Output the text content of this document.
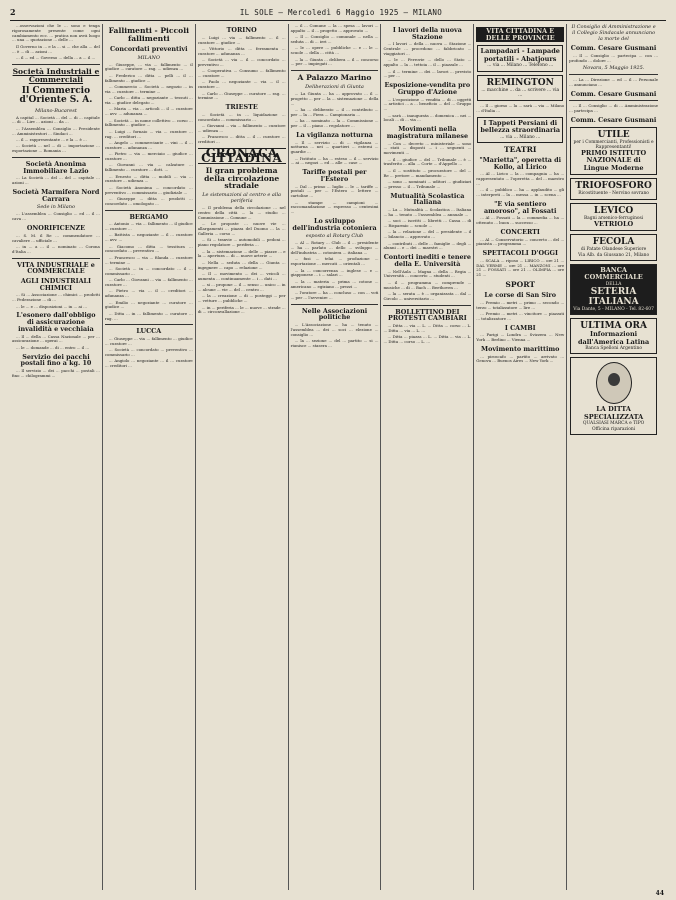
2	IL SOLE — Mercoledì 6 Maggio 1925 — MILANO

...osservazioni che le ... sono e tenga rigorosamente presente come ogni cambiamento ecc. ... pratica non avrà luogo ... una ... quotazione ... delle ...

Il Governo in ... e la ... si ... che alla ... del ... è ... di ... azioni ...

... il ... ed ... Governo ... della ... a ... il ...

Società Industriali e Commerciali
Il Commercio d'Oriente S. A.
Milano-Bucarest

A capital ... Società ... del ... di ... capitale ... di ... Lire ... azioni ... da ...

... l'Assemblea ... Consiglio ... Presidente ... Amministratori ... Sindaci ...

... il ... rappresentante ... e la ... è ...

... Società ... nel ... di ... importazione ... esportazione ... Romania ...

Società Anonima Immobiliare Lazio

... La Società ... del ... del ... capitale ... azioni ...

Società Marmifera Nord Carrara
Sede in Milano

... L'assemblea ... Consiglio ... ed ... il ... cava ...

ONORIFICENZE

... S. M. il Re ... commendatore ... cavaliere ... ufficiale ...

... in ... a ... il ... nominato ... Corona d'Italia ...

VITA INDUSTRIALE e COMMERCIALE
AGLI INDUSTRIALI CHIMICI

... Si ... Associazione ... chimici ... prodotti ... Federazione ... di ...

... le ... e ... disposizioni ... in ... ai ...

L'esonero dall'obbligo di assicurazione invalidità e vecchiaia

... Il ... della ... Cassa Nazionale ... per ... assicurazione ... operai ...

... le ... domande ... di ... entro ... il ...

Servizio dei pacchi postali fino a kg. 10

... Il servizio ... dei ... pacchi ... postali ... fino ... chilogrammi ...

Fallimenti - Piccoli fallimenti
Concordati preventivi
MILANO

... Giuseppe, ... via ... fallimento ... il giudice ... curatore ... rag. ... udienza ...

... Frederico ... ditta ... pelli ... il ... fallimento ... giudice ...

... Commercio ... Società ... negozio ... in via ... curatore ... termine ...

... Carlo ... ditta ... negoziante ... tessuti ... via ... giudice delegato ...

... Maria ... via ... articoli ... il ... curatore ... avv. ... adunanza ...

... Società ... in nome collettivo ... corso ... fallimento ... giudice ...

... Luigi ... fornaio ... via ... curatore ... rag. ... creditori ...

... Angelo ... commerciante ... vini ... il ... curatore ... adunanza ...

... Pietro ... via ... merciaio ... giudice ... curatore ...

... Giovanni ... via ... calzature ... fallimento ... curatore ... dott. ...

... Ernesto ... ditta ... mobili ... via ... curatore ... udienza ...

... Società Anonima ... concordato ... preventivo ... commissario ... giudiziale ...

... Giuseppe ... ditta ... prodotti ... concordato ... omologato ...

BERGAMO

... Antonio ... via ... fallimento ... il giudice ... curatore ...

... Battista ... negoziante ... il ... curatore ... avv. ...

... Giacomo ... ditta ... tessitura ... concordato ... preventivo ...

... Francesco ... via ... filanda ... curatore ... termine ...

... Società ... in ... concordato ... il ... commissario ...

... Carlo ... Giovanni ... via ... fallimento ... curatore ...

... Pietro ... via ... il ... creditori ... adunanza ...

... Emilio ... negoziante ... curatore ... giudice ...

... Ditta ... in ... fallimento ... curatore ... rag. ...

LUCCA

... Giuseppe ... via ... fallimento ... giudice ... curatore ...

... Società ... concordato ... preventivo ... commissario ...

... Angiolo ... negoziante ... il ... curatore ... creditori ...

TORINO

... Luigi ... via ... fallimento ... il ... curatore ... giudice ...

... Vittorio ... ditta ... ferramenta ... curatore ... adunanza ...

... Società ... via ... il ... concordato ... preventivo ...

... Cooperativa ... Consumo ... fallimento ... curatore ...

... Paolo ... negoziante ... via ... il ... curatore ...

... Carlo ... Giuseppe ... curatore ... rag. ... termine ...

TRIESTE

... Società ... in ... liquidazione ... concordato ... commissario ...

... Giovanni ... via ... fallimento ... curatore ... udienza ...

... Francesco ... ditta ... il ... curatore ... creditori ...

CRONACA CITTADINA
Il gran problema della circolazione stradale
Le sistemazioni al centro e alla periferia

... Il problema della circolazione ... nel centro della città ... la ... studio ... Commissione ... Comune ...

... Le proposte ... nuove vie ... allargamenti ... piazza del Duomo ... la ... Galleria ... corso ...

... Si ... tranvie ... automobili ... pedoni ... piano regolatore ... periferia ...

... la ... sistemazione ... delle ... piazze ... e la ... apertura ... di ... nuove arterie ...

... Nella ... seduta ... della ... Giunta ... ingegnere ... capo ... relazione ...

... Il ... movimento ... dei ... veicoli ... aumenta ... continuamente ... i ... dati ...

... si ... propone ... il ... senso ... unico ... in ... alcune ... vie ... del ... centro ...

... la ... creazione ... di ... posteggi ... per ... vetture ... pubbliche ...

... in ... periferia ... le ... nuove ... strade ... di ... circonvallazione ...

... il ... Comune ... la ... spesa ... lavori ... appalto ... il ... progetto ... approvato ...

... Il ... Consiglio ... comunale ... nella ... seduta ... di ... ieri ...

... le ... opere ... pubbliche ... e ... le ... scuole ... della ... città ...

... la ... Giunta ... delibera ... il ... concorso ... per ... impiegati ...

A Palazzo Marino
Deliberazioni di Giunta

... La Giunta ... ha ... approvato ... il ... progetto ... per ... la ... sistemazione ... della ...

... ha ... deliberato ... il ... contributo ... per ... la ... Fiera ... Campionaria ...

... ha ... nominato ... la ... Commissione ... per ... il ... piano ... regolatore ...

La vigilanza notturna

... Il ... servizio ... di ... vigilanza ... notturna ... nei ... quartieri ... esterni ... guardie ...

... l'istituto ... ha ... esteso ... il ... servizio ... ai ... negozi ... ed ... alle ... case ...

Tariffe postali per l'Estero

... Dal ... primo ... luglio ... le ... tariffe ... postali ... per ... l'Estero ... lettere ... cartoline ...

... stampe ... campioni ... raccomandazione ... espresso ... centesimi ...

Lo sviluppo dell'industria cotoniera
esposto al Rotary Club

... Al ... Rotary ... Club ... il ... presidente ... ha ... parlato ... dello ... sviluppo ... dell'industria ... cotoniera ... italiana ...

... fusi ... telai ... produzione ... esportazione ... mercati ... orientali ...

... la ... concorrenza ... inglese ... e ... giapponese ... i ... salari ...

... la ... materia ... prima ... cotone ... americano ... egiziano ... prezzi ...

... l'oratore ... ha ... concluso ... con ... voti ... per ... l'avvenire ...

Nelle Associazioni politiche

... L'Associazione ... ha ... tenuto ... l'assemblea ... dei ... soci ... elezione ... consiglio ...

... la ... sezione ... del ... partito ... si ... riunisce ... stasera ...

I lavori della nuova Stazione

... I lavori ... della ... nuova ... Stazione ... Centrale ... procedono ... fabbricato ... viaggiatori ...

... le ... Ferrovie ... dello ... Stato ... appalto ... la ... tettoia ... il ... piazzale ...

... il ... termine ... dei ... lavori ... previsto ... per ...

Esposizione-vendita pro Gruppo d'Azione

... L'esposizione ... vendita ... di ... oggetti ... artistici ... a ... beneficio ... del ... Gruppo ...

... sarà ... inaugurata ... domenica ... nei ... locali ... di ... via ...

Movimenti nella magistratura milanese

... Con ... decreto ... ministeriale ... sono ... stati ... disposti ... i ... seguenti ... movimenti ...

... il ... giudice ... del ... Tribunale ... è ... trasferito ... alla ... Corte ... d'Appello ...

... il ... sostituto ... procuratore ... del ... Re ... pretore ... mandamento ...

... sono ... nominati ... uditori ... giudiziari ... presso ... il ... Tribunale ...

Mutualità Scolastica Italiana

... La ... Mutualità ... Scolastica ... Italiana ... ha ... tenuto ... l'assemblea ... annuale ...

... soci ... iscritti ... libretti ... Cassa ... di ... Risparmio ... scuole ...

... la ... relazione ... del ... presidente ... il ... bilancio ... approvato ...

... contributi ... delle ... famiglie ... degli ... alunni ... e ... dei ... maestri ...

Contorti inediti e tenere della E. Università

... Nell'Aula ... Magna ... della ... Regia ... Università ... concerto ... studenti ...

... il ... programma ... comprende ... musiche ... di ... Bach ... Beethoven ...

... la ... serata ... è ... organizzata ... dal ... Circolo ... universitario ...

BOLLETTINO DEI PROTESTI CAMBIARI

... Ditta ... via ... L. ... Ditta ... corso ... L. ... Ditta ... via ... L. ...

... Ditta ... piazza ... L. ... Ditta ... via ... L. ... Ditta ... corso ... L. ...

VITA CITTADINA E DELLE PROVINCIE
Lampadari - Lampade portatili - Abatjours
... via ... Milano ... Telefono ...
REMINGTON
... macchine ... da ... scrivere ... via ...

... Il ... giorno ... la ... sarà ... via ... Milano ... d'Italia ...

I Tappeti Persiani di bellezza straordinaria
... via ... Milano ...
TEATRI
"Marietta", operetta di Kollo, al Lirico

... Al ... Lirico ... la ... compagnia ... ha ... rappresentato ... l'operetta ... del ... maestro ...

... il ... pubblico ... ha ... applaudito ... gli ... interpreti ... la ... messa ... in ... scena ...

"E via sentiero amoroso", al Fossati

... Al ... Fossati ... la ... commedia ... ha ... ottenuto ... buon ... successo ...

CONCERTI

... Al ... Conservatorio ... concerto ... del ... pianista ... programma ...

SPETTACOLI D'OGGI

... SCALA ... riposo ... LIRICO ... ore 21 ... DAL VERME ... ore 21 ... MANZONI ... ore 21 ... FOSSATI ... ore 21 ... OLIMPIA ... ore 21 ...

SPORT
Le corse di San Siro

... Premio ... metri ... primo ... secondo ... terzo ... totalizzatore ... lire ...

... Premio ... metri ... vincitore ... piazzati ... totalizzatore ...

I CAMBI

... Parigi ... Londra ... Svizzera ... New York ... Berlino ... Vienna ...

Movimento marittimo

... piroscafo ... partito ... arrivato ... Genova ... Buenos Aires ... New York ...

Il Consiglio di Amministrazione e il Collegio Sindacale annunciano la morte del
Comm. Cesare Gusmani

... Il ... Consiglio ... partecipa ... con ... profondo ... dolore ...

Novara, 5 Maggio 1925.

... La ... Direzione ... ed ... il ... Personale ... annunciano ...

Comm. Cesare Gusmani

... Il ... Consiglio ... di ... Amministrazione ... partecipa ...

Comm. Cesare Gusmani
UTILE
per i Commercianti, Professionisti e Rappresentanti!
PRIMO ISTITUTO NAZIONALE di Lingue Moderne
TRIOFOSFORO
Ricostituente - Nervino sovrano
LEVICO
Bagni arsenico-ferruginosi
VETRIOLO
FECOLA
di Patate Olandese Superiore
Via Alb. da Giussano 21, Milano
BANCA COMMERCIALE
DELLA
SETERIA ITALIANA
Via Dante, 5 - MILANO - Tel. 82-607
ULTIMA ORA
Informazioni dall'America Latina
Banca Spelloni Argentino
LA DITTA SPECIALIZZATA
QUALSIASI MARCA e TIPO
Officina riparazioni
44
